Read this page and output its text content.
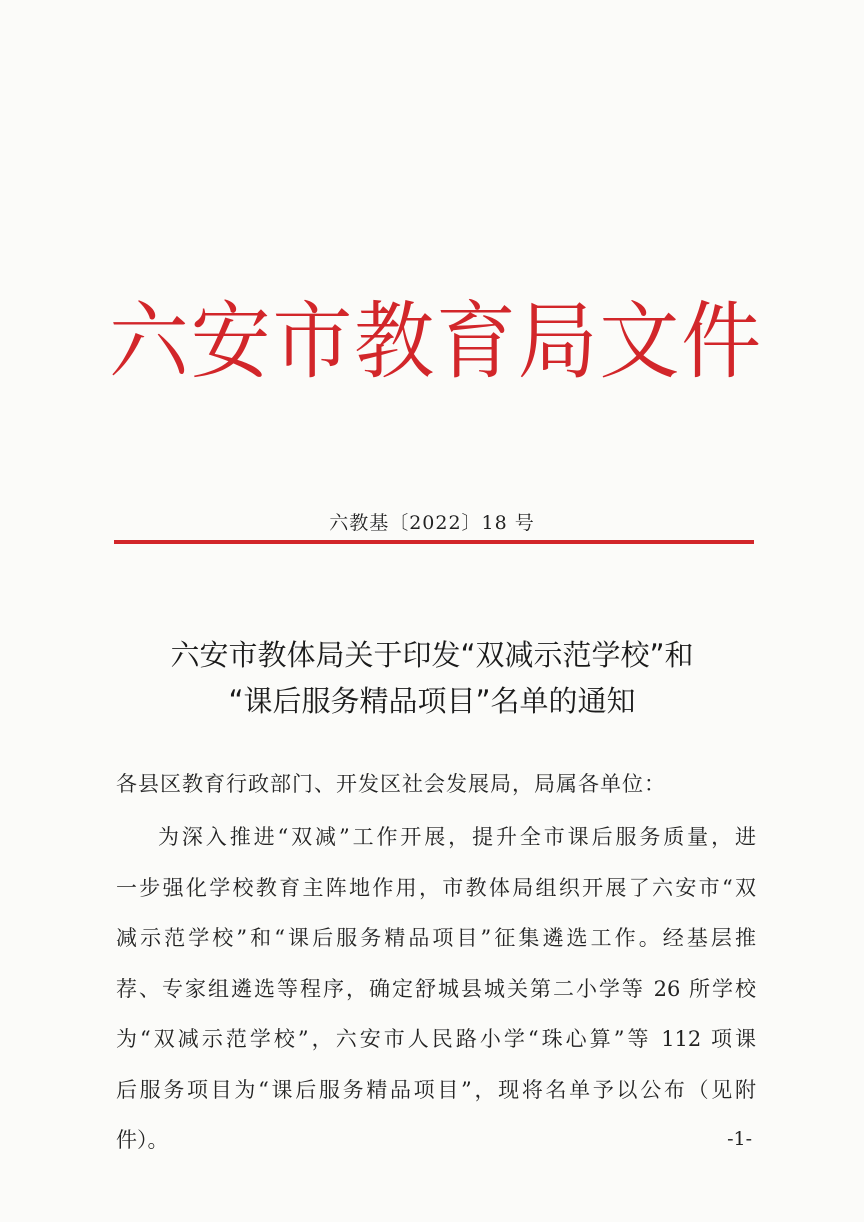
六 安 市 教 育 局 文 件
六教基〔2022〕18 号
六安市教体局关于印发“双减示范学校”和
“课后服务精品项目”名单的通知
各县区教育行政部门、开发区社会发展局，局属各单位：
为深入推进“双减”工作开展，提升全市课后服务质量，进
一步强化学校教育主阵地作用，市教体局组织开展了六安市“双
减示范学校”和“课后服务精品项目”征集遴选工作。经基层推
荐、专家组遴选等程序，确定舒城县城关第二小学等 26 所学校
为“双减示范学校”，六安市人民路小学“珠心算”等 112 项课
后服务项目为“课后服务精品项目”，现将名单予以公布（见附
件）。	-1-
